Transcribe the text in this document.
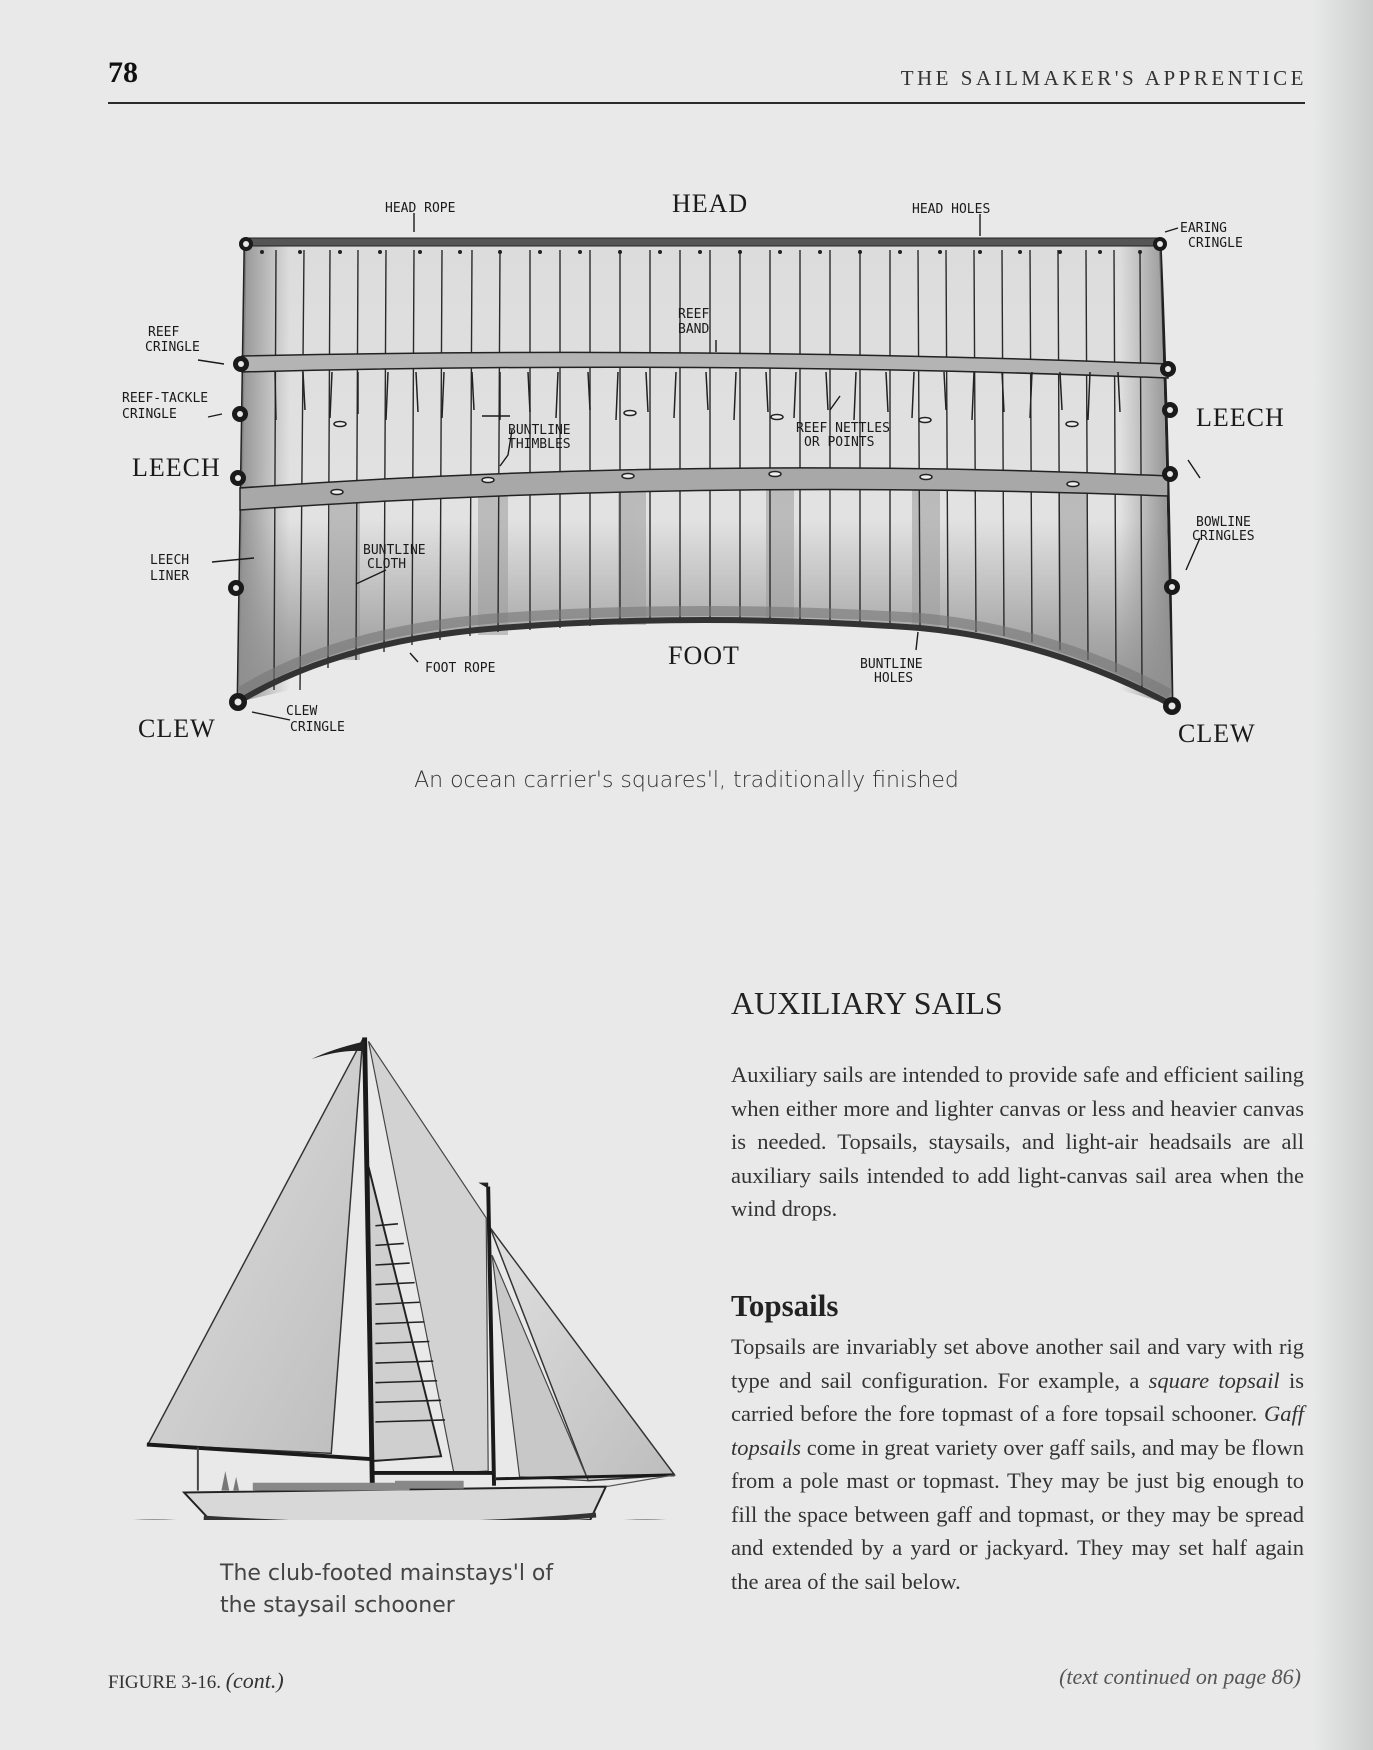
78	THE SAILMAKER'S APPRENTICE
HEAD ROPE	HEAD	HEAD HOLES
EARING
CRINGLE
REEF
CRINGLE
REEF
BAND
REEF-TACKLE
CRINGLE
LEECH
LEECH
BUNTLINE
THIMBLES
REEF NETTLES
OR POINTS
BOWLINE
CRINGLES
LEECH
LINER
BUNTLINE
CLOTH
FOOT
FOOT ROPE	BUNTLINE
HOLES
CLEW	CLEW
CLEW
CRINGLE
An ocean carrier's squares'l, traditionally finished
The club-footed mainstays'l of
the staysail schooner
FIGURE 3-16. (cont.)
AUXILIARY SAILS
Auxiliary sails are intended to provide safe and efficient sailing when either more and lighter canvas or less and heavier canvas is needed. Topsails, staysails, and light-air headsails are all auxiliary sails intended to add light-canvas sail area when the wind drops.
Topsails
Topsails are invariably set above another sail and vary with rig type and sail configuration. For example, a square topsail is carried before the fore topmast of a fore topsail schooner. Gaff topsails come in great variety over gaff sails, and may be flown from a pole mast or topmast. They may be just big enough to fill the space between gaff and topmast, or they may be spread and extended by a yard or jackyard. They may set half again the area of the sail below.
(text continued on page 86)
